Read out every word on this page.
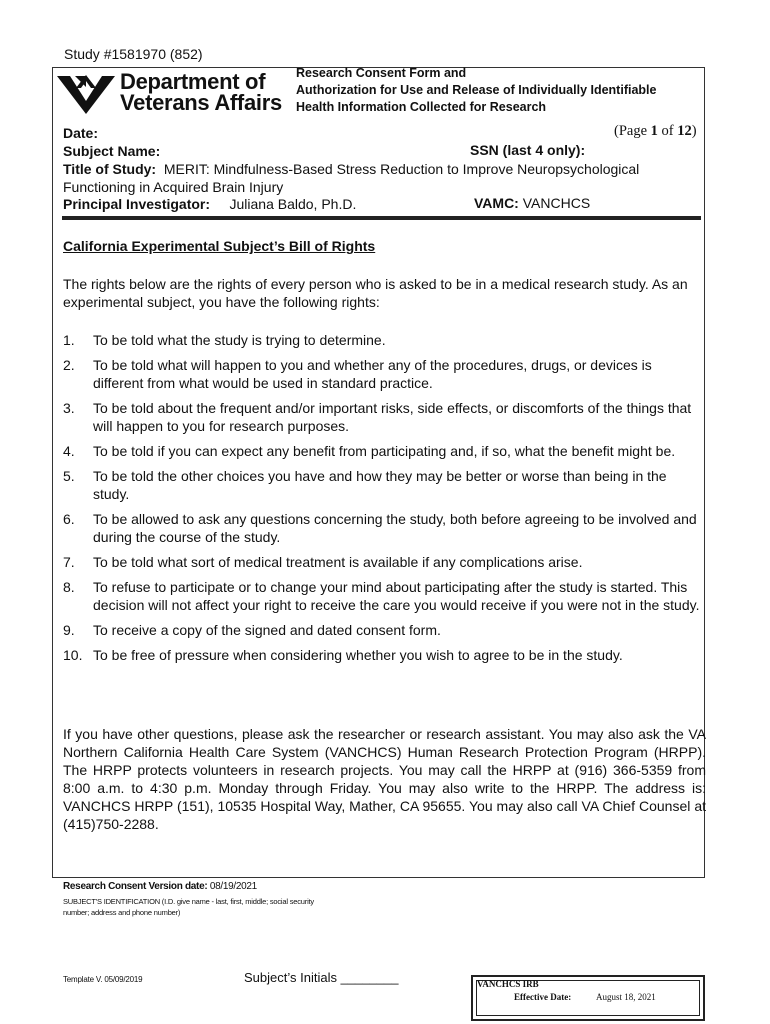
Study #1581970 (852)
Department of
Veterans Affairs
Research Consent Form and
Authorization for Use and Release of Individually Identifiable
Health Information Collected for Research
Date:	(Page 1 of 12)
Subject Name:	SSN (last 4 only):
Title of Study: MERIT: Mindfulness-Based Stress Reduction to Improve Neuropsychological Functioning in Acquired Brain Injury
Principal Investigator: Juliana Baldo, Ph.D.	VAMC: VANCHCS
California Experimental Subject’s Bill of Rights
The rights below are the rights of every person who is asked to be in a medical research study. As an experimental subject, you have the following rights:
1. To be told what the study is trying to determine.
2. To be told what will happen to you and whether any of the procedures, drugs, or devices is different from what would be used in standard practice.
3. To be told about the frequent and/or important risks, side effects, or discomforts of the things that will happen to you for research purposes.
4. To be told if you can expect any benefit from participating and, if so, what the benefit might be.
5. To be told the other choices you have and how they may be better or worse than being in the study.
6. To be allowed to ask any questions concerning the study, both before agreeing to be involved and during the course of the study.
7. To be told what sort of medical treatment is available if any complications arise.
8. To refuse to participate or to change your mind about participating after the study is started. This decision will not affect your right to receive the care you would receive if you were not in the study.
9. To receive a copy of the signed and dated consent form.
10. To be free of pressure when considering whether you wish to agree to be in the study.
If you have other questions, please ask the researcher or research assistant. You may also ask the VA Northern California Health Care System (VANCHCS) Human Research Protection Program (HRPP). The HRPP protects volunteers in research projects. You may call the HRPP at (916) 366-5359 from 8:00 a.m. to 4:30 p.m. Monday through Friday. You may also write to the HRPP. The address is: VANCHCS HRPP (151), 10535 Hospital Way, Mather, CA 95655. You may also call VA Chief Counsel at (415)750-2288.
Research Consent Version date: 08/19/2021
SUBJECT'S IDENTIFICATION (I.D. give name - last, first, middle; social security number; address and phone number)
Template V. 05/09/2019	Subject’s Initials ________	VANCHCS IRB
Effective Date:	August 18, 2021
